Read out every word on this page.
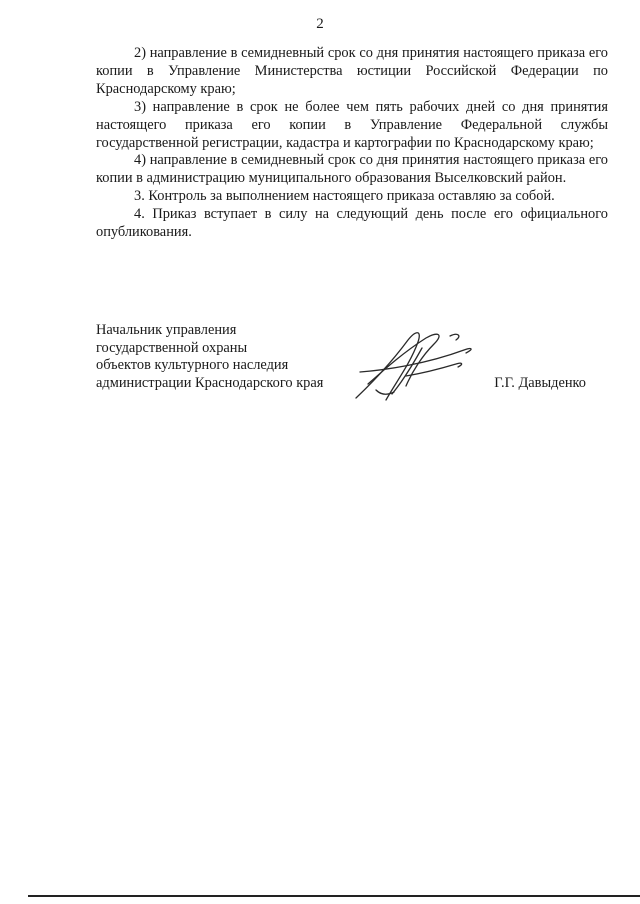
2

2) направление в семидневный срок со дня принятия настоящего приказа его копии в Управление Министерства юстиции Российской Федерации по Краснодарскому краю;

3) направление в срок не более чем пять рабочих дней со дня принятия настоящего приказа его копии в Управление Федеральной службы государственной регистрации, кадастра и картографии по Краснодарскому краю;

4) направление в семидневный срок со дня принятия настоящего приказа его копии в администрацию муниципального образования Выселковский район.

3. Контроль за выполнением настоящего приказа оставляю за собой.

4. Приказ вступает в силу на следующий день после его официального опубликования.

Начальник управления
государственной охраны
объектов культурного наследия
администрации Краснодарского края	Г.Г. Давыденко
